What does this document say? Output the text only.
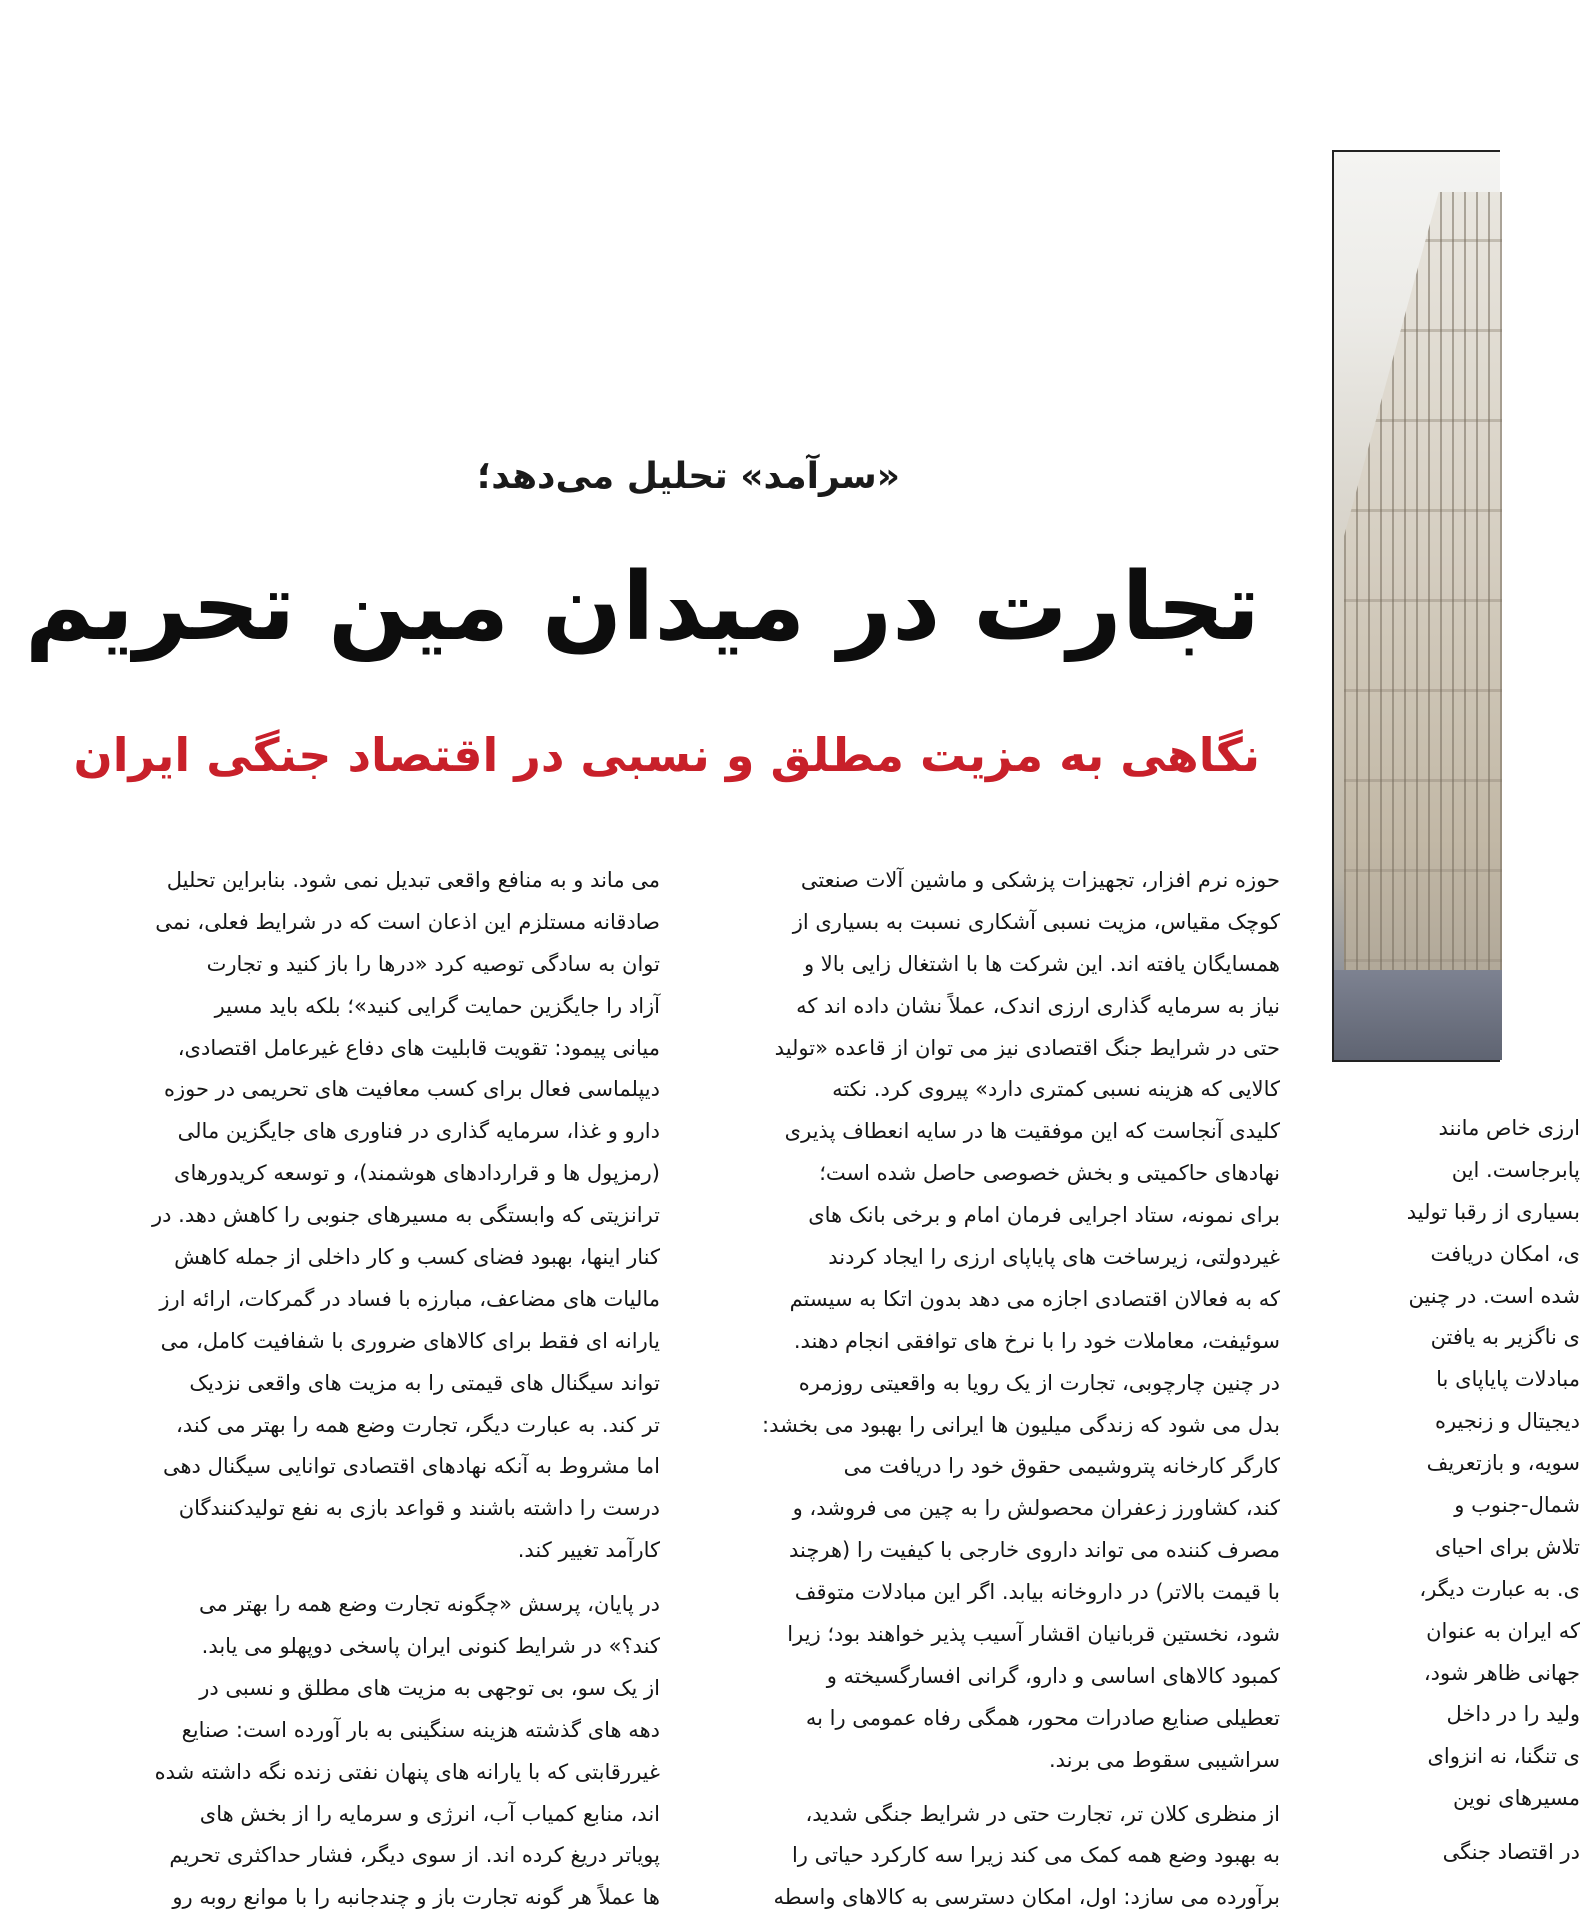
«سرآمد» تحلیل می‌دهد؛
تجارت در میدان مین تحریم
نگاهی به مزیت مطلق و نسبی در اقتصاد جنگی ایران
حوزه نرم افزار، تجهیزات پزشکی و ماشین آلات صنعتی
کوچک مقیاس، مزیت نسبی آشکاری نسبت به بسیاری از
همسایگان یافته اند. این شرکت ها با اشتغال زایی بالا و
نیاز به سرمایه گذاری ارزی اندک، عملاً نشان داده اند که
حتی در شرایط جنگ اقتصادی نیز می توان از قاعده «تولید
کالایی که هزینه نسبی کمتری دارد» پیروی کرد. نکته
کلیدی آنجاست که این موفقیت ها در سایه انعطاف پذیری
نهادهای حاکمیتی و بخش خصوصی حاصل شده است؛
برای نمونه، ستاد اجرایی فرمان امام و برخی بانک های
غیردولتی، زیرساخت های پایاپای ارزی را ایجاد کردند
که به فعالان اقتصادی اجازه می دهد بدون اتکا به سیستم
سوئیفت، معاملات خود را با نرخ های توافقی انجام دهند.
در چنین چارچوبی، تجارت از یک رویا به واقعیتی روزمره
بدل می شود که زندگی میلیون ها ایرانی را بهبود می بخشد:
کارگر کارخانه پتروشیمی حقوق خود را دریافت می
کند، کشاورز زعفران محصولش را به چین می فروشد، و
مصرف کننده می تواند داروی خارجی با کیفیت را (هرچند
با قیمت بالاتر) در داروخانه بیابد. اگر این مبادلات متوقف
شود، نخستین قربانیان اقشار آسیب پذیر خواهند بود؛ زیرا
کمبود کالاهای اساسی و دارو، گرانی افسارگسیخته و
تعطیلی صنایع صادرات محور، همگی رفاه عمومی را به
سراشیبی سقوط می برند.
از منظری کلان تر، تجارت حتی در شرایط جنگی شدید،
به بهبود وضع همه کمک می کند زیرا سه کارکرد حیاتی را
برآورده می سازد: اول، امکان دسترسی به کالاهای واسطه
می ماند و به منافع واقعی تبدیل نمی شود. بنابراین تحلیل
صادقانه مستلزم این اذعان است که در شرایط فعلی، نمی
توان به سادگی توصیه کرد «درها را باز کنید و تجارت
آزاد را جایگزین حمایت گرایی کنید»؛ بلکه باید مسیر
میانی پیمود: تقویت قابلیت های دفاع غیرعامل اقتصادی،
دیپلماسی فعال برای کسب معافیت های تحریمی در حوزه
دارو و غذا، سرمایه گذاری در فناوری های جایگزین مالی
(رمزپول ها و قراردادهای هوشمند)، و توسعه کریدورهای
ترانزیتی که وابستگی به مسیرهای جنوبی را کاهش دهد. در
کنار اینها، بهبود فضای کسب و کار داخلی از جمله کاهش
مالیات های مضاعف، مبارزه با فساد در گمرکات، ارائه ارز
یارانه ای فقط برای کالاهای ضروری با شفافیت کامل، می
تواند سیگنال های قیمتی را به مزیت های واقعی نزدیک
تر کند. به عبارت دیگر، تجارت وضع همه را بهتر می کند،
اما مشروط به آنکه نهادهای اقتصادی توانایی سیگنال دهی
درست را داشته باشند و قواعد بازی به نفع تولیدکنندگان
کارآمد تغییر کند.
در پایان، پرسش «چگونه تجارت وضع همه را بهتر می
کند؟» در شرایط کنونی ایران پاسخی دوپهلو می یابد.
از یک سو، بی توجهی به مزیت های مطلق و نسبی در
دهه های گذشته هزینه سنگینی به بار آورده است: صنایع
غیررقابتی که با یارانه های پنهان نفتی زنده نگه داشته شده
اند، منابع کمیاب آب، انرژی و سرمایه را از بخش های
پویاتر دریغ کرده اند. از سوی دیگر، فشار حداکثری تحریم
ها عملاً هر گونه تجارت باز و چندجانبه را با موانع روبه رو
ارزی خاص مانند
پابرجاست. این
بسیاری از رقبا تولید
ی، امکان دریافت
شده است. در چنین
ی ناگزیر به یافتن
مبادلات پایاپای با
دیجیتال و زنجیره
سویه، و بازتعریف
شمال-جنوب و
تلاش برای احیای
ی. به عبارت دیگر،
که ایران به عنوان
جهانی ظاهر شود،
ولید را در داخل
ی تنگنا، نه انزوای
مسیرهای نوین
در اقتصاد جنگی
